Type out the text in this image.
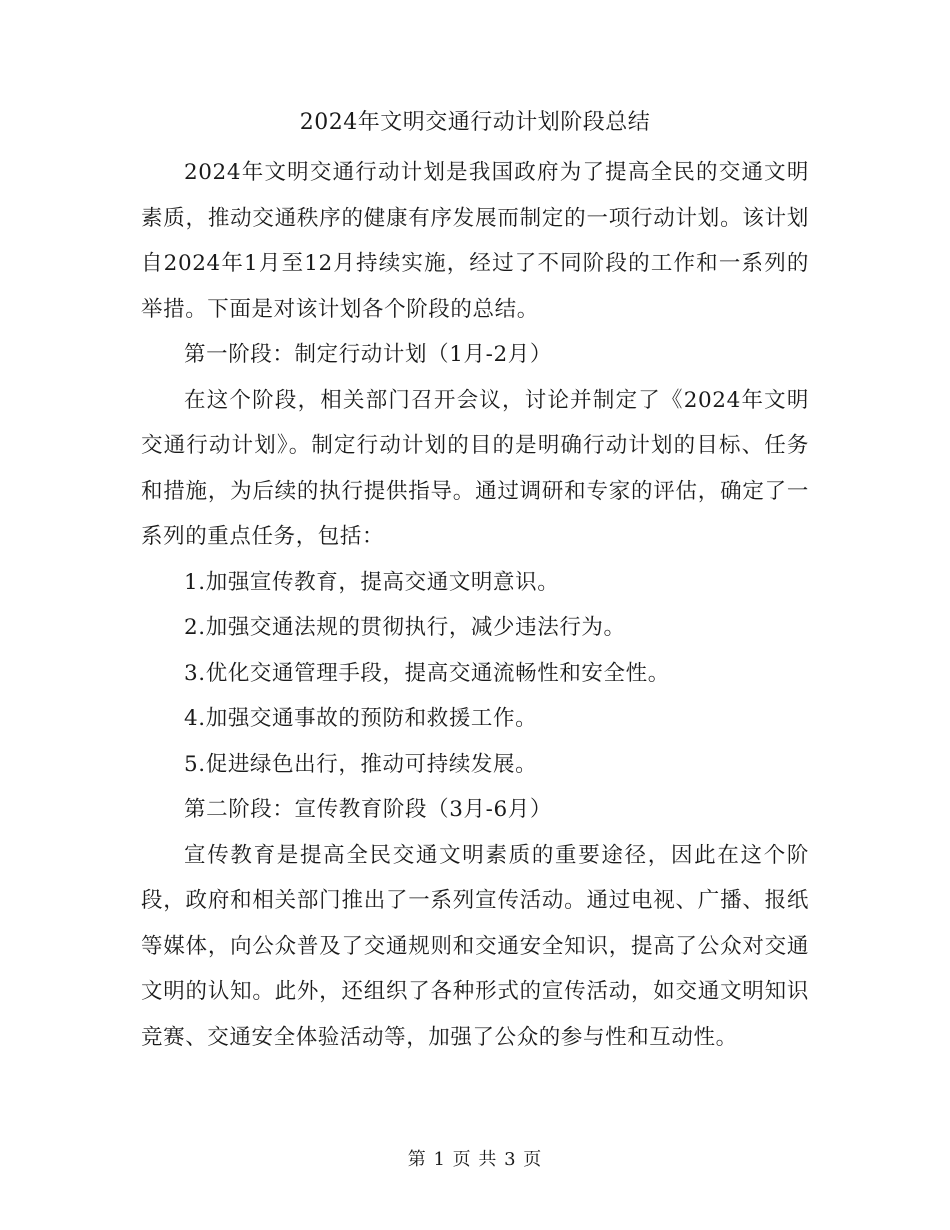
2024年文明交通行动计划阶段总结

2024年文明交通行动计划是我国政府为了提高全民的交通文明素质，推动交通秩序的健康有序发展而制定的一项行动计划。该计划自2024年1月至12月持续实施，经过了不同阶段的工作和一系列的举措。下面是对该计划各个阶段的总结。

第一阶段：制定行动计划（1月-2月）

在这个阶段，相关部门召开会议，讨论并制定了《2024年文明交通行动计划》。制定行动计划的目的是明确行动计划的目标、任务和措施，为后续的执行提供指导。通过调研和专家的评估，确定了一系列的重点任务，包括：

1.加强宣传教育，提高交通文明意识。

2.加强交通法规的贯彻执行，减少违法行为。

3.优化交通管理手段，提高交通流畅性和安全性。

4.加强交通事故的预防和救援工作。

5.促进绿色出行，推动可持续发展。

第二阶段：宣传教育阶段（3月-6月）

宣传教育是提高全民交通文明素质的重要途径，因此在这个阶段，政府和相关部门推出了一系列宣传活动。通过电视、广播、报纸等媒体，向公众普及了交通规则和交通安全知识，提高了公众对交通文明的认知。此外，还组织了各种形式的宣传活动，如交通文明知识竞赛、交通安全体验活动等，加强了公众的参与性和互动性。

第 1 页 共 3 页
